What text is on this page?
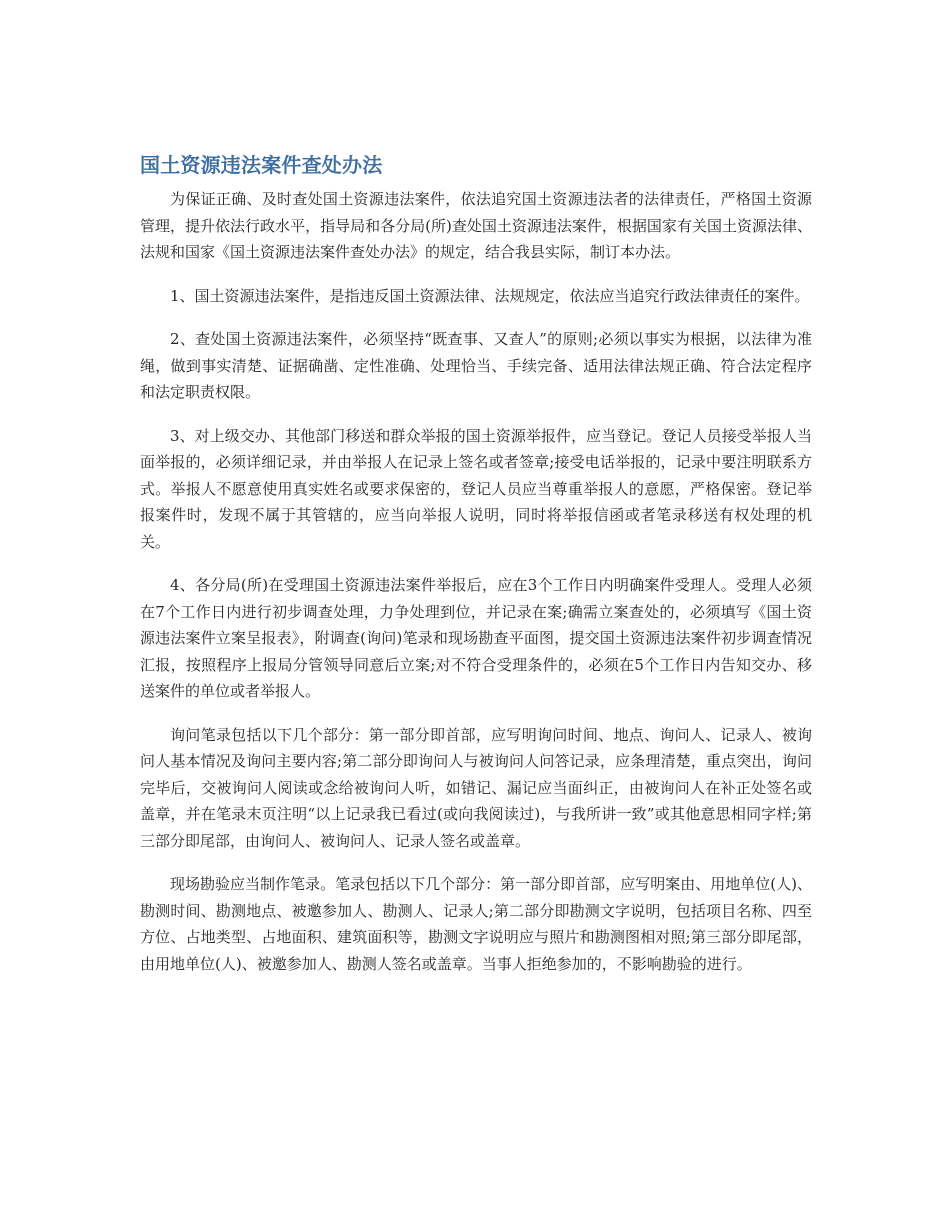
国土资源违法案件查处办法

为保证正确、及时查处国土资源违法案件，依法追究国土资源违法者的法律责任，严格国土资源管理，提升依法行政水平，指导局和各分局(所)查处国土资源违法案件，根据国家有关国土资源法律、法规和国家《国土资源违法案件查处办法》的规定，结合我县实际，制订本办法。

1、国土资源违法案件，是指违反国土资源法律、法规规定，依法应当追究行政法律责任的案件。

2、查处国土资源违法案件，必须坚持“既查事、又查人”的原则;必须以事实为根据，以法律为准绳，做到事实清楚、证据确凿、定性准确、处理恰当、手续完备、适用法律法规正确、符合法定程序和法定职责权限。

3、对上级交办、其他部门移送和群众举报的国土资源举报件，应当登记。登记人员接受举报人当面举报的，必须详细记录，并由举报人在记录上签名或者签章;接受电话举报的，记录中要注明联系方式。举报人不愿意使用真实姓名或要求保密的，登记人员应当尊重举报人的意愿，严格保密。登记举报案件时，发现不属于其管辖的，应当向举报人说明，同时将举报信函或者笔录移送有权处理的机关。

4、各分局(所)在受理国土资源违法案件举报后，应在3个工作日内明确案件受理人。受理人必须在7个工作日内进行初步调查处理，力争处理到位，并记录在案;确需立案查处的，必须填写《国土资源违法案件立案呈报表》，附调查(询问)笔录和现场勘查平面图，提交国土资源违法案件初步调查情况汇报，按照程序上报局分管领导同意后立案;对不符合受理条件的，必须在5个工作日内告知交办、移送案件的单位或者举报人。

询问笔录包括以下几个部分：第一部分即首部，应写明询问时间、地点、询问人、记录人、被询问人基本情况及询问主要内容;第二部分即询问人与被询问人问答记录，应条理清楚，重点突出，询问完毕后，交被询问人阅读或念给被询问人听，如错记、漏记应当面纠正，由被询问人在补正处签名或盖章，并在笔录末页注明“以上记录我已看过(或向我阅读过)，与我所讲一致”或其他意思相同字样;第三部分即尾部，由询问人、被询问人、记录人签名或盖章。

现场勘验应当制作笔录。笔录包括以下几个部分：第一部分即首部，应写明案由、用地单位(人)、勘测时间、勘测地点、被邀参加人、勘测人、记录人;第二部分即勘测文字说明，包括项目名称、四至方位、占地类型、占地面积、建筑面积等，勘测文字说明应与照片和勘测图相对照;第三部分即尾部，由用地单位(人)、被邀参加人、勘测人签名或盖章。当事人拒绝参加的，不影响勘验的进行。
